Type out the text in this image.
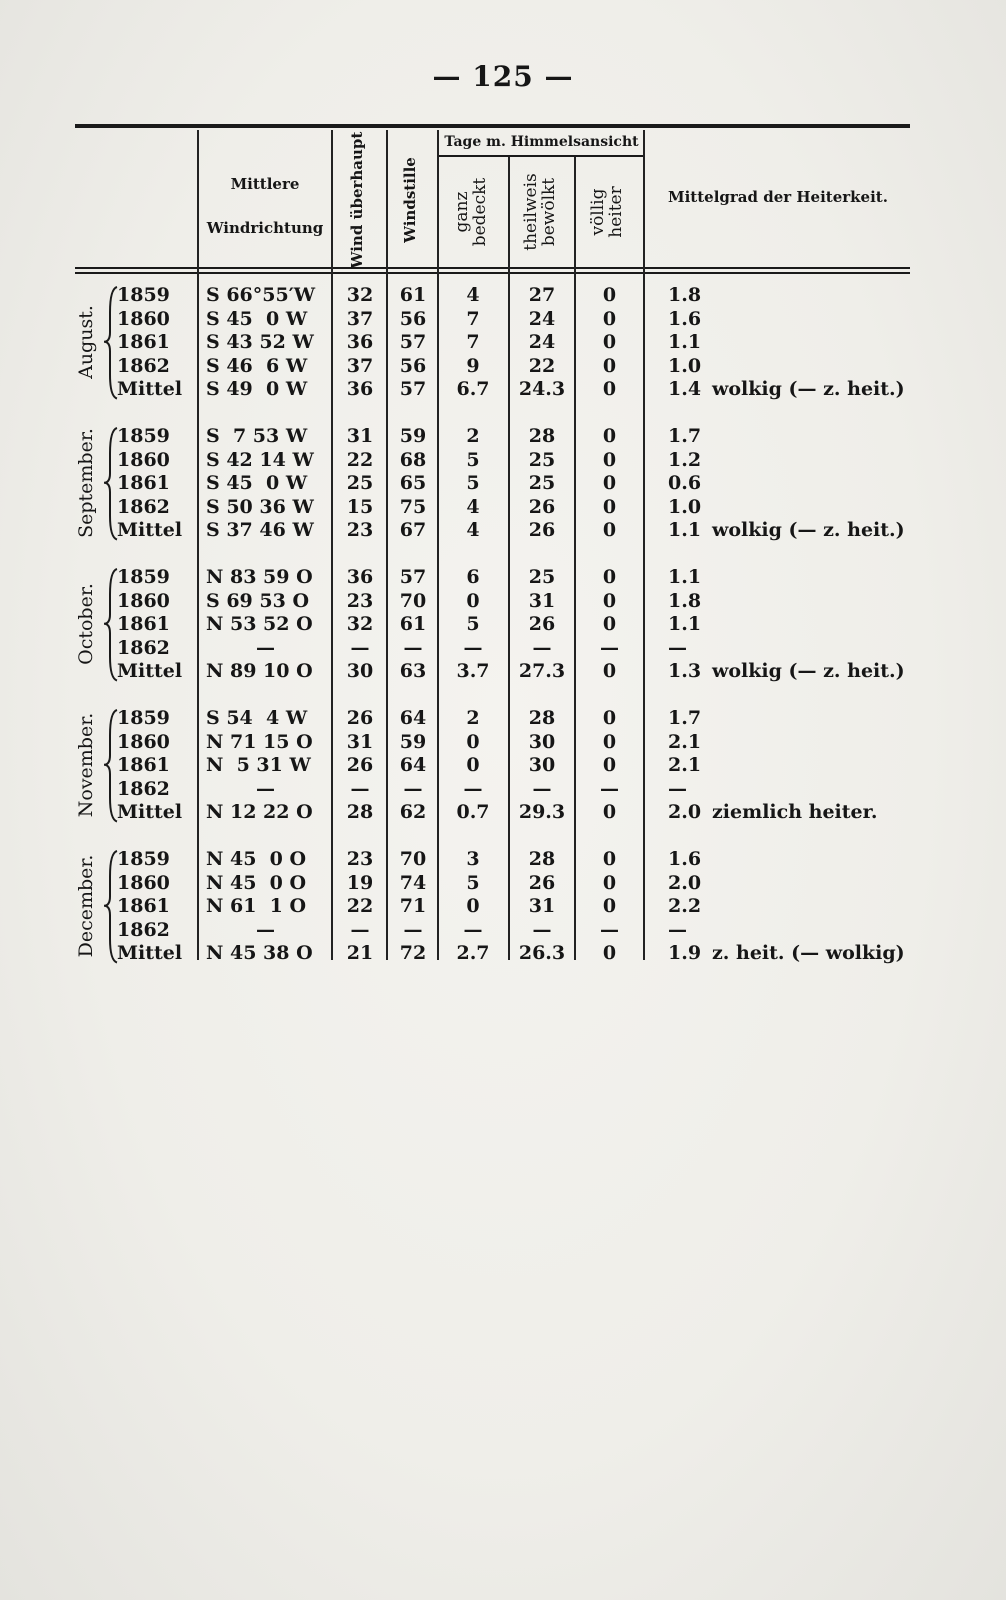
— 125 —
Mittlere
Windrichtung	Wind überhaupt Windstille
Tage m. Himmelsansicht
ganz
bedeckt theilweis
bewölkt völlig
heiter	Mittelgrad der Heiterkeit.
August.
1859 S 66°55′W	32	61	4	27	0	1.8
1860 S 45  0 W	37	56	7	24	0	1.6
1861 S 43 52 W	36	57	7	24	0	1.1
1862 S 46  6 W	37	56	9	22	0	1.0
Mittel S 49  0 W	36	57	6.7	24.3	0	1.4 wolkig (— z. heit.)
September. 1859 S  7 53 W	31	59	2	28	0	1.7
1860 S 42 14 W	22	68	5	25	0	1.2
1861 S 45  0 W	25	65	5	25	0	0.6
1862 S 50 36 W	15	75	4	26	0	1.0
Mittel S 37 46 W	23	67	4	26	0	1.1 wolkig (— z. heit.)
October.
1859 N 83 59 O	36	57	6	25	0	1.1
1860 S 69 53 O	23	70	0	31	0	1.8
1861 N 53 52 O	32	61	5	26	0	1.1
1862	—	—	—	—	—	—	—
Mittel N 89 10 O	30	63	3.7	27.3	0	1.3 wolkig (— z. heit.)
November. 1859 S 54  4 W	26	64	2	28	0	1.7
1860 N 71 15 O	31	59	0	30	0	2.1
1861 N  5 31 W	26	64	0	30	0	2.1
1862	—	—	—	—	—	—	—
Mittel N 12 22 O	28	62	0.7	29.3	0	2.0 ziemlich heiter.
December. 1859 N 45  0 O	23	70	3	28	0	1.6
1860 N 45  0 O	19	74	5	26	0	2.0
1861 N 61  1 O	22	71	0	31	0	2.2
1862	—	—	—	—	—	—	—
Mittel N 45 38 O	21	72	2.7	26.3	0	1.9 z. heit. (— wolkig)
